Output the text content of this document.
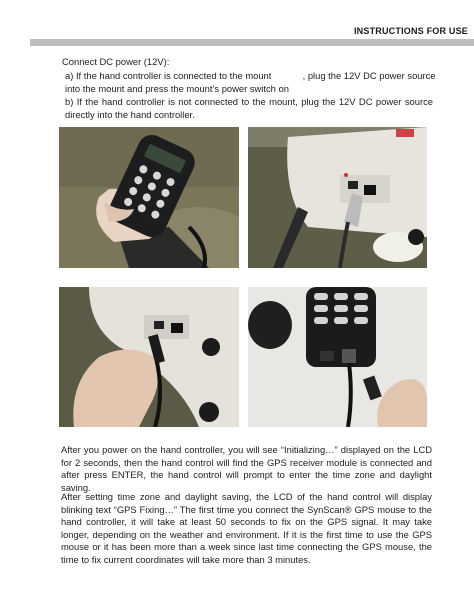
INSTRUCTIONS FOR USE
Connect DC power (12V):
a) If the hand controller is connected to the mount            , plug the 12V DC power source
into the mount and press the mount’s power switch on
b) If the hand controller is not connected to the mount, plug the 12V DC power source directly into the hand controller.
After you power on the hand controller, you will see “Initializing…” displayed on the LCD for 2 seconds, then the hand control will find the GPS receiver module is connected and after press ENTER, the hand control will prompt to enter the time zone and daylight saving.
After setting time zone and daylight saving, the LCD of the hand control will display blinking text “GPS Fixing…” The first time you connect the SynScan® GPS mouse to the hand controller, it will take at least 50 seconds to fix on the GPS signal. It may take longer, depending on the weather and environment. If it is the first time to use the GPS mouse or it has been more than a week since last time connecting the GPS mouse, the time to fix current coordinates will take more than 3 minutes.
